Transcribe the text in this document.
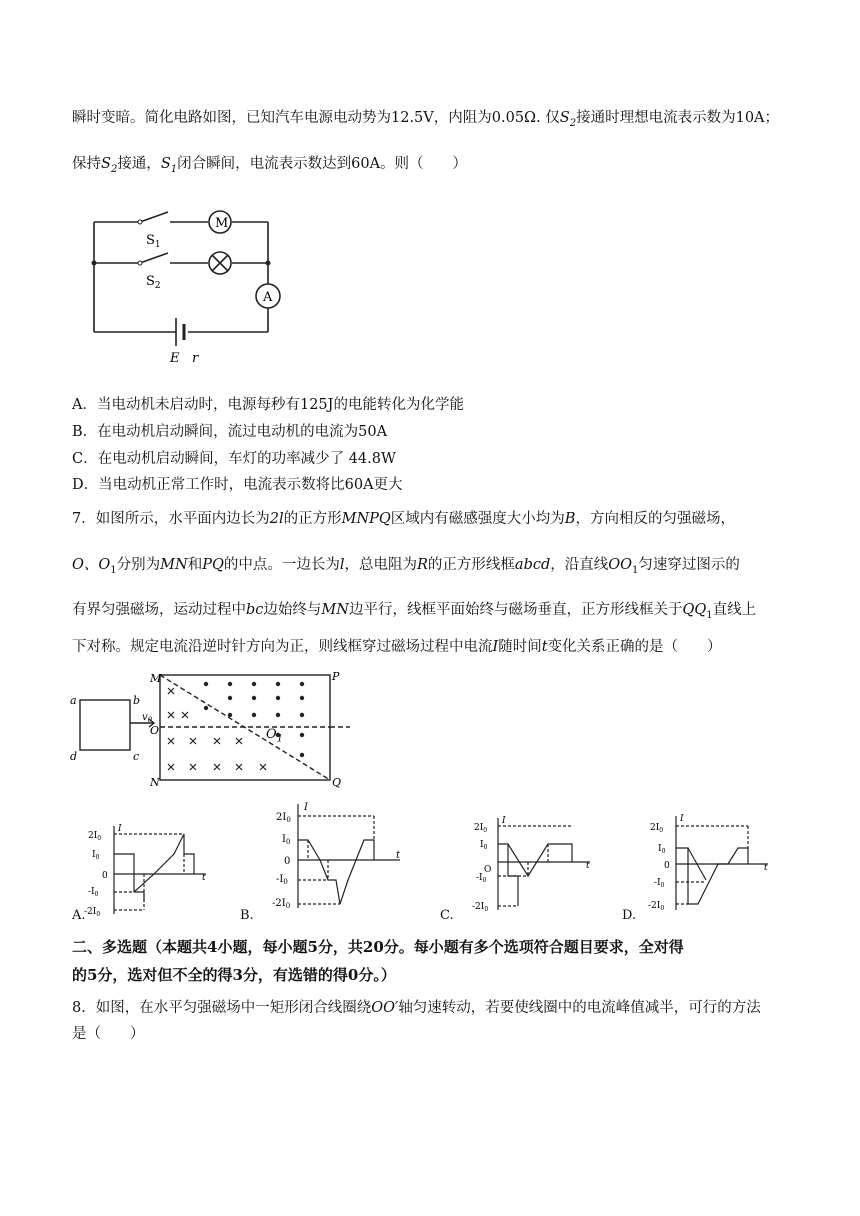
瞬时变暗。简化电路如图，已知汽车电源电动势为12.5V，内阻为0.05Ω. 仅$S_2$接通时理想电流表示数为10A；
保持$S_2$接通，$S_1$闭合瞬间，电流表示数达到60A。则（　　）
M
A
$S_1$
$S_2$
E r
A．当电动机未启动时，电源每秒有125J的电能转化为化学能
B．在电动机启动瞬间，流过电动机的电流为50A
C．在电动机启动瞬间，车灯的功率减少了 44.8W
D．当电动机正常工作时，电流表示数将比60A更大
7．如图所示，水平面内边长为2l的正方形MNPQ区域内有磁感强度大小均为B，方向相反的匀强磁场，
O、$O_1$分别为MN和PQ的中点。一边长为l，总电阻为R的正方形线框abcd，沿直线$OO_1$匀速穿过图示的
有界匀强磁场，运动过程中bc边始终与MN边平行，线框平面始终与磁场垂直，正方形线框关于$QQ_1$直线上
下对称。规定电流沿逆时针方向为正，则线框穿过磁场过程中电流I随时间t变化关系正确的是（　　）
M	P
N	Q
O
a	b
c
d
$v_0$
$O_1$
$2I_0$
$I_0$
0
$-I_0$
$-2I_0$
I
t
$2I_0$
$I_0$
0
$-I_0$
$-2I_0$
I
t
$2I_0$
$I_0$
O
$-I_0$
$-2I_0$
I
t
$2I_0$
$I_0$
0
$-I_0$
$-2I_0$
I
t
A.	B.	C.	D.
二、多选题（本题共4小题，每小题5分，共20分。每小题有多个选项符合题目要求，全对得
的5分，选对但不全的得3分，有选错的得0分。）
8．如图，在水平匀强磁场中一矩形闭合线圈绕OO′轴匀速转动，若要使线圈中的电流峰值减半，可行的方法
是（　　）
